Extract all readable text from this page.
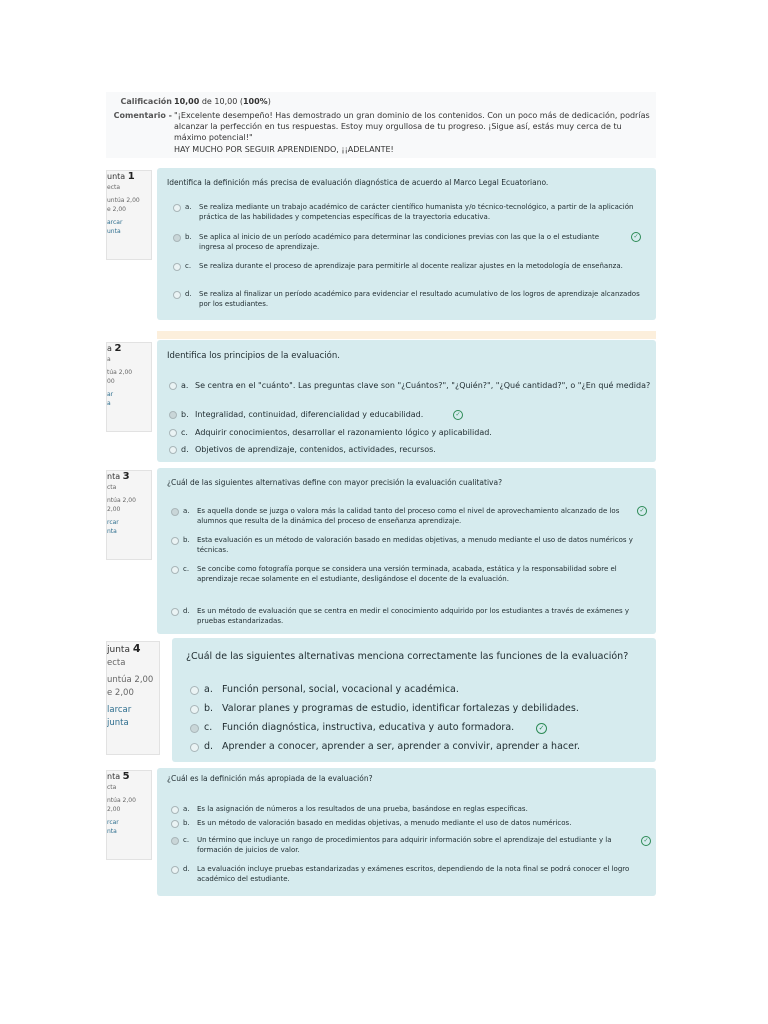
Calificación 10,00 de 10,00 (100%)
Comentario - "¡Excelente desempeño! Has demostrado un gran dominio de los contenidos. Con un poco más de dedicación, podrías alcanzar la perfección en tus respuestas. Estoy muy orgullosa de tu progreso. ¡Sigue así, estás muy cerca de tu máximo potencial!"
HAY MUCHO POR SEGUIR APRENDIENDO, ¡¡ADELANTE!
unta 1
ecta
untúa 2,00
e 2,00
arcar
unta
Identifica la definición más precisa de evaluación diagnóstica de acuerdo al Marco Legal Ecuatoriano.
a. Se realiza mediante un trabajo académico de carácter científico humanista y/o técnico-tecnológico, a partir de la aplicación práctica de las habilidades y competencias específicas de la trayectoria educativa.
b. Se aplica al inicio de un período académico para determinar las condiciones previas con las que la o el estudiante ingresa al proceso de aprendizaje.
✓
c. Se realiza durante el proceso de aprendizaje para permitirle al docente realizar ajustes en la metodología de enseñanza.
d. Se realiza al finalizar un período académico para evidenciar el resultado acumulativo de los logros de aprendizaje alcanzados por los estudiantes.
a 2
a
túa 2,00
00
ar
a
Identifica los principios de la evaluación.
a. Se centra en el "cuánto". Las preguntas clave son "¿Cuántos?", "¿Quién?", "¿Qué cantidad?", o "¿En qué medida?
b. Integralidad, continuidad, diferencialidad y educabilidad.	✓
c. Adquirir conocimientos, desarrollar el razonamiento lógico y aplicabilidad.
d. Objetivos de aprendizaje, contenidos, actividades, recursos.
nta 3
cta
ntúa 2,00
2,00
rcar
nta
¿Cuál de las siguientes alternativas define con mayor precisión la evaluación cualitativa?
a. Es aquella donde se juzga o valora más la calidad tanto del proceso como el nivel de aprovechamiento alcanzado de los alumnos que resulta de la dinámica del proceso de enseñanza aprendizaje.
✓
b. Esta evaluación es un método de valoración basado en medidas objetivas, a menudo mediante el uso de datos numéricos y técnicas.
c. Se concibe como fotografía porque se considera una versión terminada, acabada, estática y la responsabilidad sobre el aprendizaje recae solamente en el estudiante, desligándose el docente de la evaluación.
d. Es un método de evaluación que se centra en medir el conocimiento adquirido por los estudiantes a través de exámenes y pruebas estandarizadas.
junta 4
ecta
untúa 2,00
e 2,00
larcar
junta
¿Cuál de las siguientes alternativas menciona correctamente las funciones de la evaluación?
a. Función personal, social, vocacional y académica.
b. Valorar planes y programas de estudio, identificar fortalezas y debilidades.
c. Función diagnóstica, instructiva, educativa y auto formadora.	✓
d. Aprender a conocer, aprender a ser, aprender a convivir, aprender a hacer.
nta 5
cta
ntúa 2,00
2,00
rcar
nta
¿Cuál es la definición más apropiada de la evaluación?
a. Es la asignación de números a los resultados de una prueba, basándose en reglas específicas.
b. Es un método de valoración basado en medidas objetivas, a menudo mediante el uso de datos numéricos.
c. Un término que incluye un rango de procedimientos para adquirir información sobre el aprendizaje del estudiante y la formación de juicios de valor.
✓
d. La evaluación incluye pruebas estandarizadas y exámenes escritos, dependiendo de la nota final se podrá conocer el logro académico del estudiante.
